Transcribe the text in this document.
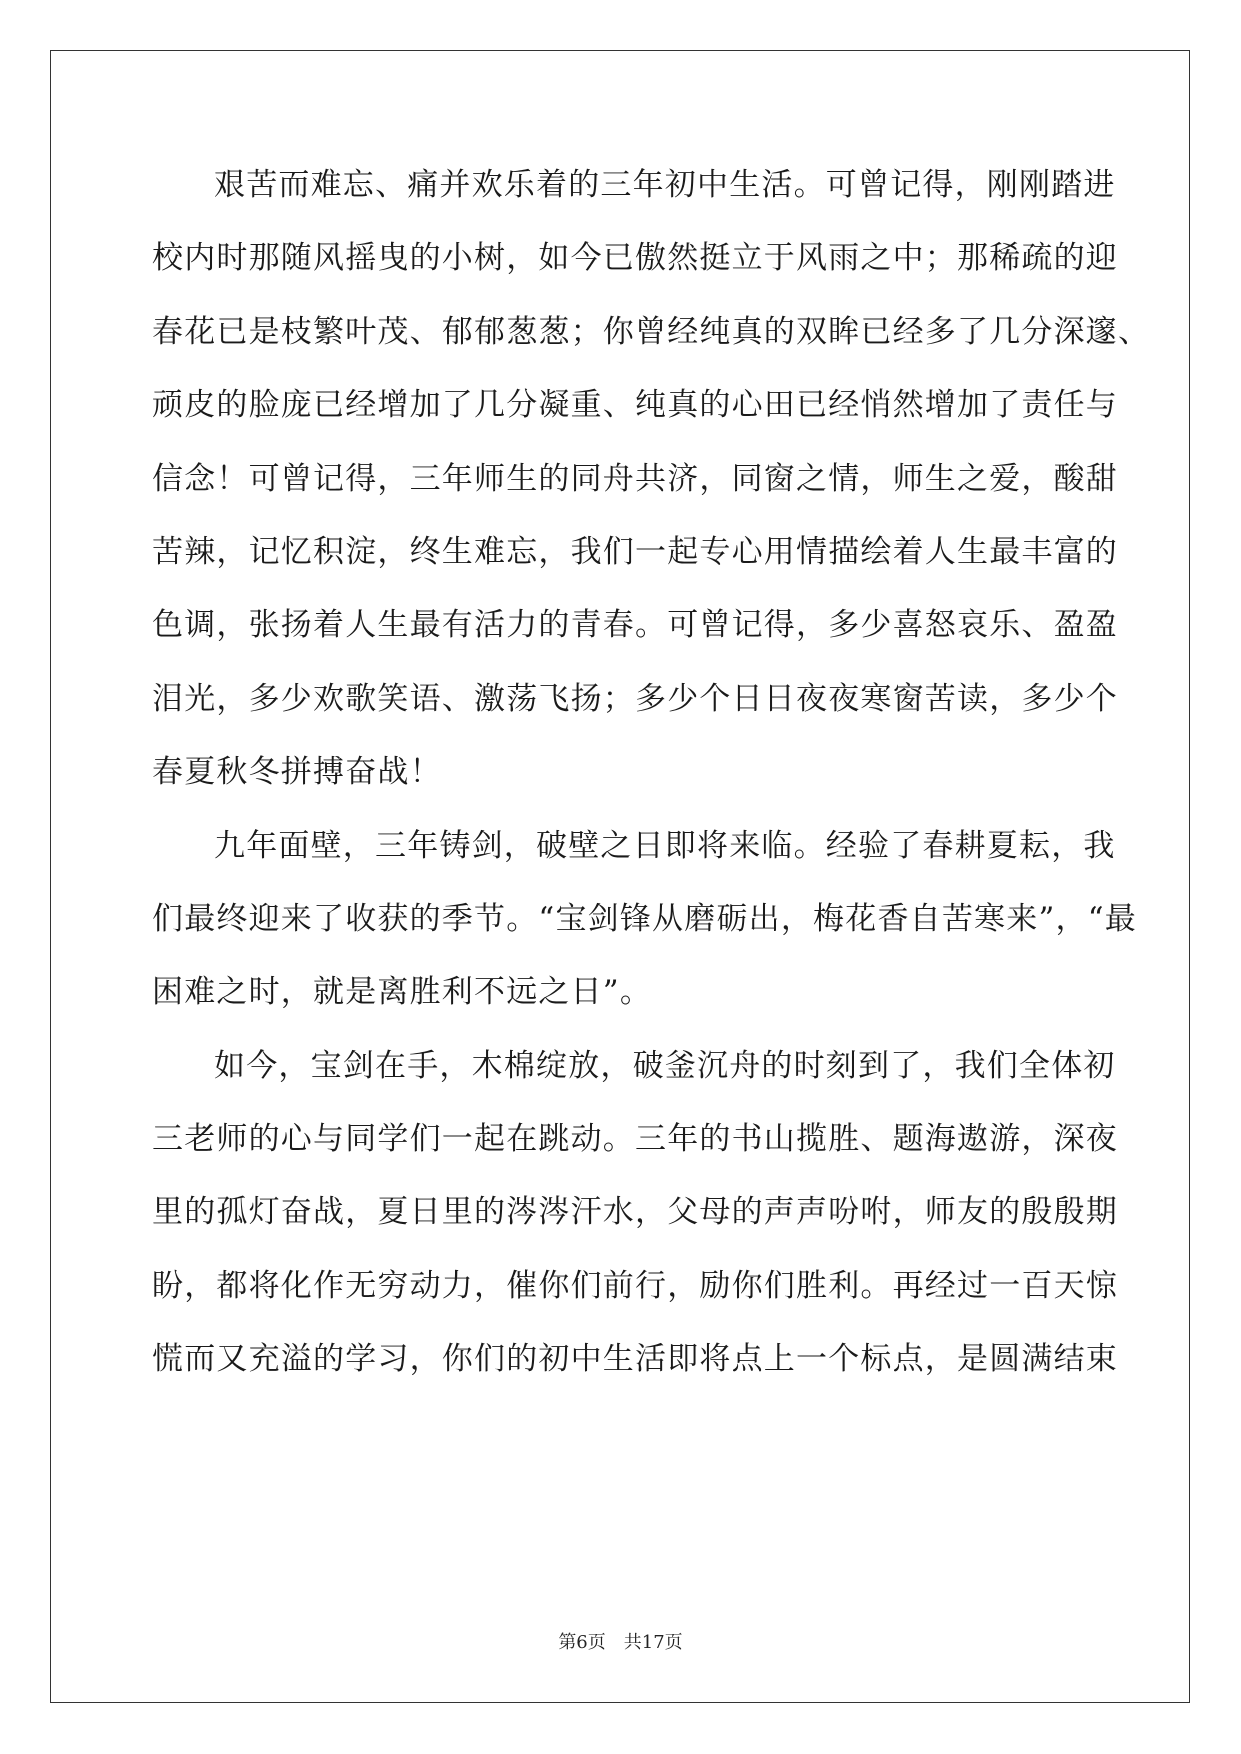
艰苦而难忘、痛并欢乐着的三年初中生活。可曾记得，刚刚踏进
校内时那随风摇曳的小树，如今已傲然挺立于风雨之中；那稀疏的迎
春花已是枝繁叶茂、郁郁葱葱；你曾经纯真的双眸已经多了几分深邃、
顽皮的脸庞已经增加了几分凝重、纯真的心田已经悄然增加了责任与
信念！可曾记得，三年师生的同舟共济，同窗之情，师生之爱，酸甜
苦辣，记忆积淀，终生难忘，我们一起专心用情描绘着人生最丰富的
色调，张扬着人生最有活力的青春。可曾记得，多少喜怒哀乐、盈盈
泪光，多少欢歌笑语、激荡飞扬；多少个日日夜夜寒窗苦读，多少个
春夏秋冬拼搏奋战！
九年面壁，三年铸剑，破壁之日即将来临。经验了春耕夏耘，我
们最终迎来了收获的季节。“宝剑锋从磨砺出，梅花香自苦寒来”，“最
困难之时，就是离胜利不远之日”。
如今，宝剑在手，木棉绽放，破釜沉舟的时刻到了，我们全体初
三老师的心与同学们一起在跳动。三年的书山揽胜、题海遨游，深夜
里的孤灯奋战，夏日里的涔涔汗水，父母的声声吩咐，师友的殷殷期
盼，都将化作无穷动力，催你们前行，励你们胜利。再经过一百天惊
慌而又充溢的学习，你们的初中生活即将点上一个标点，是圆满结束
第6页　共17页
